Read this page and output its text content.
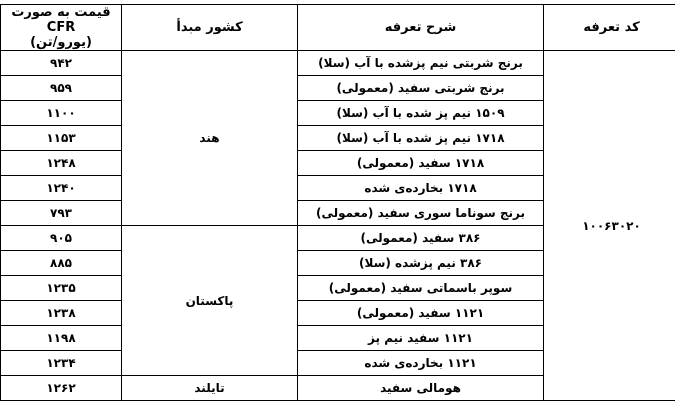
قیمت به صورت CFR
(یورو/تن)	کشور مبدأ	شرح تعرفه	کد تعرفه
۹۴۲	هند	برنج شربتی نیم پزشده با آب (سلا)	۱۰۰۶۳۰۲۰
۹۵۹		برنج شربتی سفید (معمولی)	
۱۱۰۰		۱۵۰۹ نیم پز شده با آب (سلا)	
۱۱۵۳		۱۷۱۸ نیم پز شده با آب (سلا)	
۱۲۴۸		۱۷۱۸ سفید (معمولی)	
۱۲۴۰		۱۷۱۸ بخارده‌ی شده	
۷۹۳		برنج سوناما سوری سفید (معمولی)	
۹۰۵	پاکستان	۳۸۶ سفید (معمولی)	
۸۸۵		۳۸۶ نیم پزشده (سلا)	
۱۲۳۵		سوپر باسماتی سفید (معمولی)	
۱۲۳۸		۱۱۲۱ سفید (معمولی)	
۱۱۹۸		۱۱۲۱ سفید نیم پز	
۱۲۳۴		۱۱۲۱ بخارده‌ی شده	
۱۲۶۲	تایلند	هومالی سفید	
